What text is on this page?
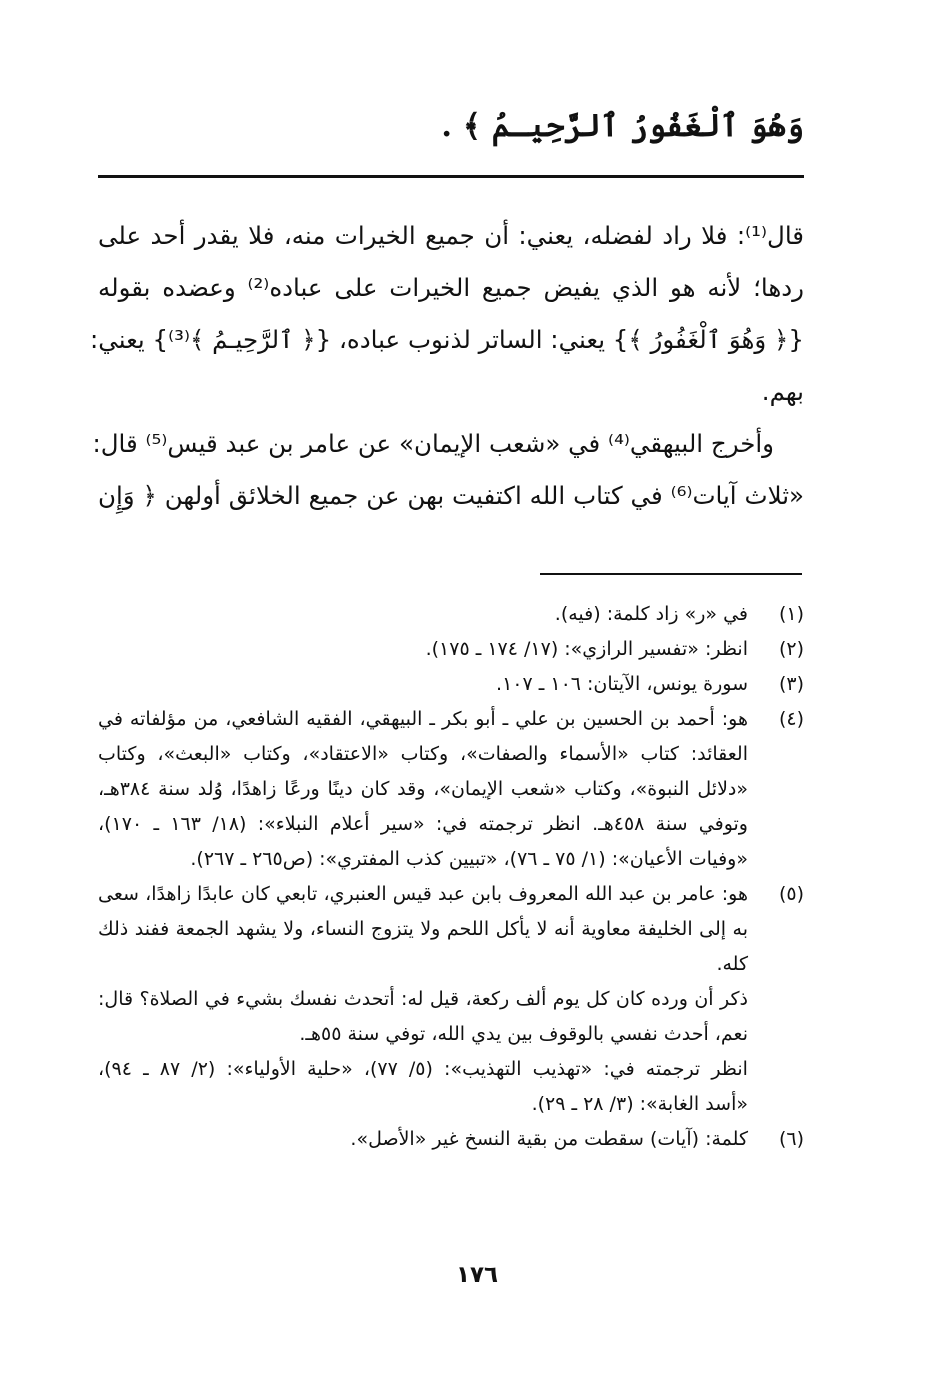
وَهُوَ ٱلْغَفُورُ ٱلرَّحِيـمُ ﴾ .
قال⁽¹⁾: فلا راد لفضله، يعني: أن جميع الخيرات منه، فلا يقدر أحد على
ردها؛ لأنه هو الذي يفيض جميع الخيرات على عباده⁽²⁾ وعضده بقوله
{﴿ وَهُوَ ٱلْغَفُورُ ﴾} يعني: الساتر لذنوب عباده، {﴿ ٱلرَّحِيـمُ ﴾⁽³⁾} يعني:
بهم.
وأخرج البيهقي⁽⁴⁾ في «شعب الإيمان» عن عامر بن عبد قيس⁽⁵⁾ قال:
«ثلاث آيات⁽⁶⁾ في كتاب الله اكتفيت بهن عن جميع الخلائق أولهن ﴿ وَإِن
(١)
في «ر» زاد كلمة: (فيه).
(٢)
انظر: «تفسير الرازي»: (١٧/ ١٧٤ ـ ١٧٥).
(٣)
سورة يونس، الآيتان: ١٠٦ ـ ١٠٧.
(٤)
هو: أحمد بن الحسين بن علي ـ أبو بكر ـ البيهقي، الفقيه الشافعي، من مؤلفاته في
العقائد: كتاب «الأسماء والصفات»، وكتاب «الاعتقاد»، وكتاب «البعث»، وكتاب
«دلائل النبوة»، وكتاب «شعب الإيمان»، وقد كان دينًا ورعًا زاهدًا، وُلد سنة ٣٨٤هـ،
وتوفي سنة ٤٥٨هـ. انظر ترجمته في: «سير أعلام النبلاء»: (١٨/ ١٦٣ ـ ١٧٠)،
«وفيات الأعيان»: (١/ ٧٥ ـ ٧٦)، «تبيين كذب المفتري»: (ص٢٦٥ ـ ٢٦٧).
(٥)
هو: عامر بن عبد الله المعروف بابن عبد قيس العنبري، تابعي كان عابدًا زاهدًا، سعى
به إلى الخليفة معاوية أنه لا يأكل اللحم ولا يتزوج النساء، ولا يشهد الجمعة ففند ذلك
كله.
ذكر أن ورده كان كل يوم ألف ركعة، قيل له: أتحدث نفسك بشيء في الصلاة؟ قال:
نعم، أحدث نفسي بالوقوف بين يدي الله، توفي سنة ٥٥هـ.
انظر ترجمته في: «تهذيب التهذيب»: (٥/ ٧٧)، «حلية الأولياء»: (٢/ ٨٧ ـ ٩٤)،
«أسد الغابة»: (٣/ ٢٨ ـ ٢٩).
(٦)
كلمة: (آيات) سقطت من بقية النسخ غير «الأصل».
١٧٦
